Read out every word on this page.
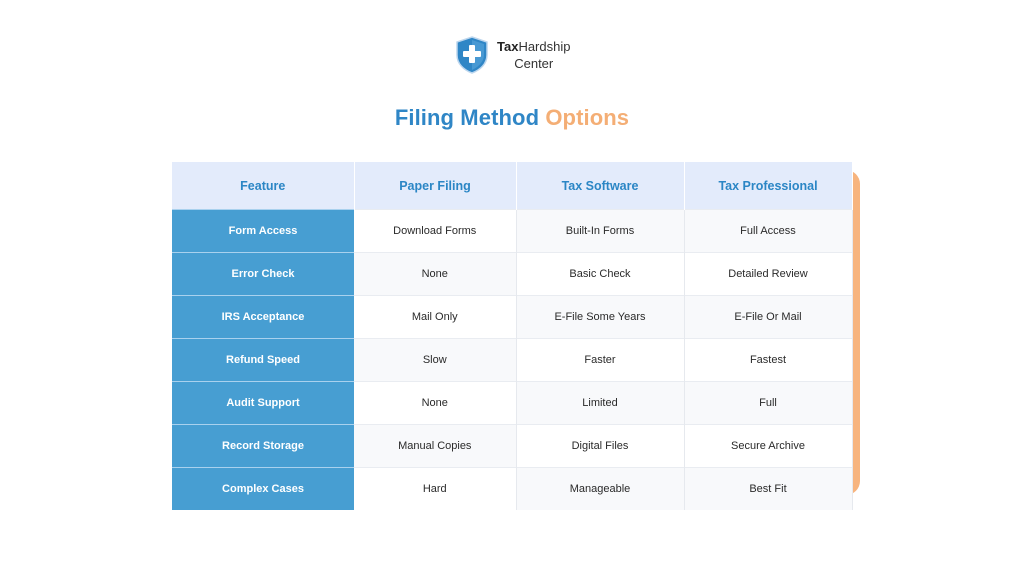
TaxHardship
Center
Filing Method Options
Feature	Paper Filing	Tax Software	Tax Professional
Form Access	Download Forms	Built-In Forms	Full Access
Error Check	None	Basic Check	Detailed Review
IRS Acceptance	Mail Only	E-File Some Years	E-File Or Mail
Refund Speed	Slow	Faster	Fastest
Audit Support	None	Limited	Full
Record Storage	Manual Copies	Digital Files	Secure Archive
Complex Cases	Hard	Manageable	Best Fit
